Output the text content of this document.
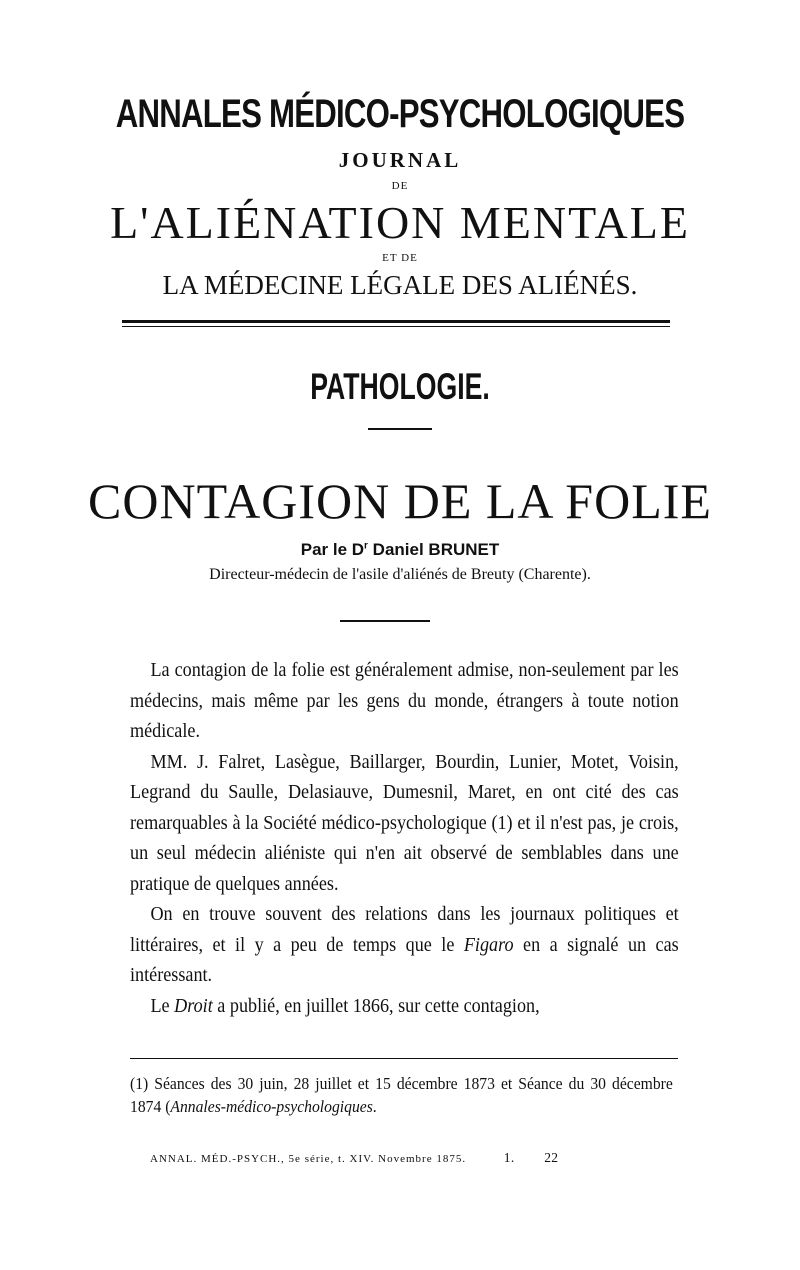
ANNALES MÉDICO-PSYCHOLOGIQUES
JOURNAL
DE
L'ALIÉNATION MENTALE
ET DE
LA MÉDECINE LÉGALE DES ALIÉNÉS.
PATHOLOGIE.
CONTAGION DE LA FOLIE
Par le $D^r$ Daniel BRUNET
Directeur-médecin de l'asile d'aliénés de Breuty (Charente).

La contagion de la folie est généralement admise, non-seulement par les médecins, mais même par les gens du monde, étrangers à toute notion médicale.

MM. J. Falret, Lasègue, Baillarger, Bourdin, Lunier, Motet, Voisin, Legrand du Saulle, Delasiauve, Dumesnil, Maret, en ont cité des cas remarquables à la Société médico-psychologique (1) et il n'est pas, je crois, un seul médecin aliéniste qui n'en ait observé de semblables dans une pratique de quelques années.

On en trouve souvent des relations dans les journaux politiques et littéraires, et il y a peu de temps que le Figaro en a signalé un cas intéressant.

Le Droit a publié, en juillet 1866, sur cette contagion,

(1) Séances des 30 juin, 28 juillet et 15 décembre 1873 et Séance du 30 décembre 1874 (Annales-médico-psychologiques.
ANNAL. MÉD.-PSYCH., 5e série, t. XIV. Novembre 1875.	1. 22
